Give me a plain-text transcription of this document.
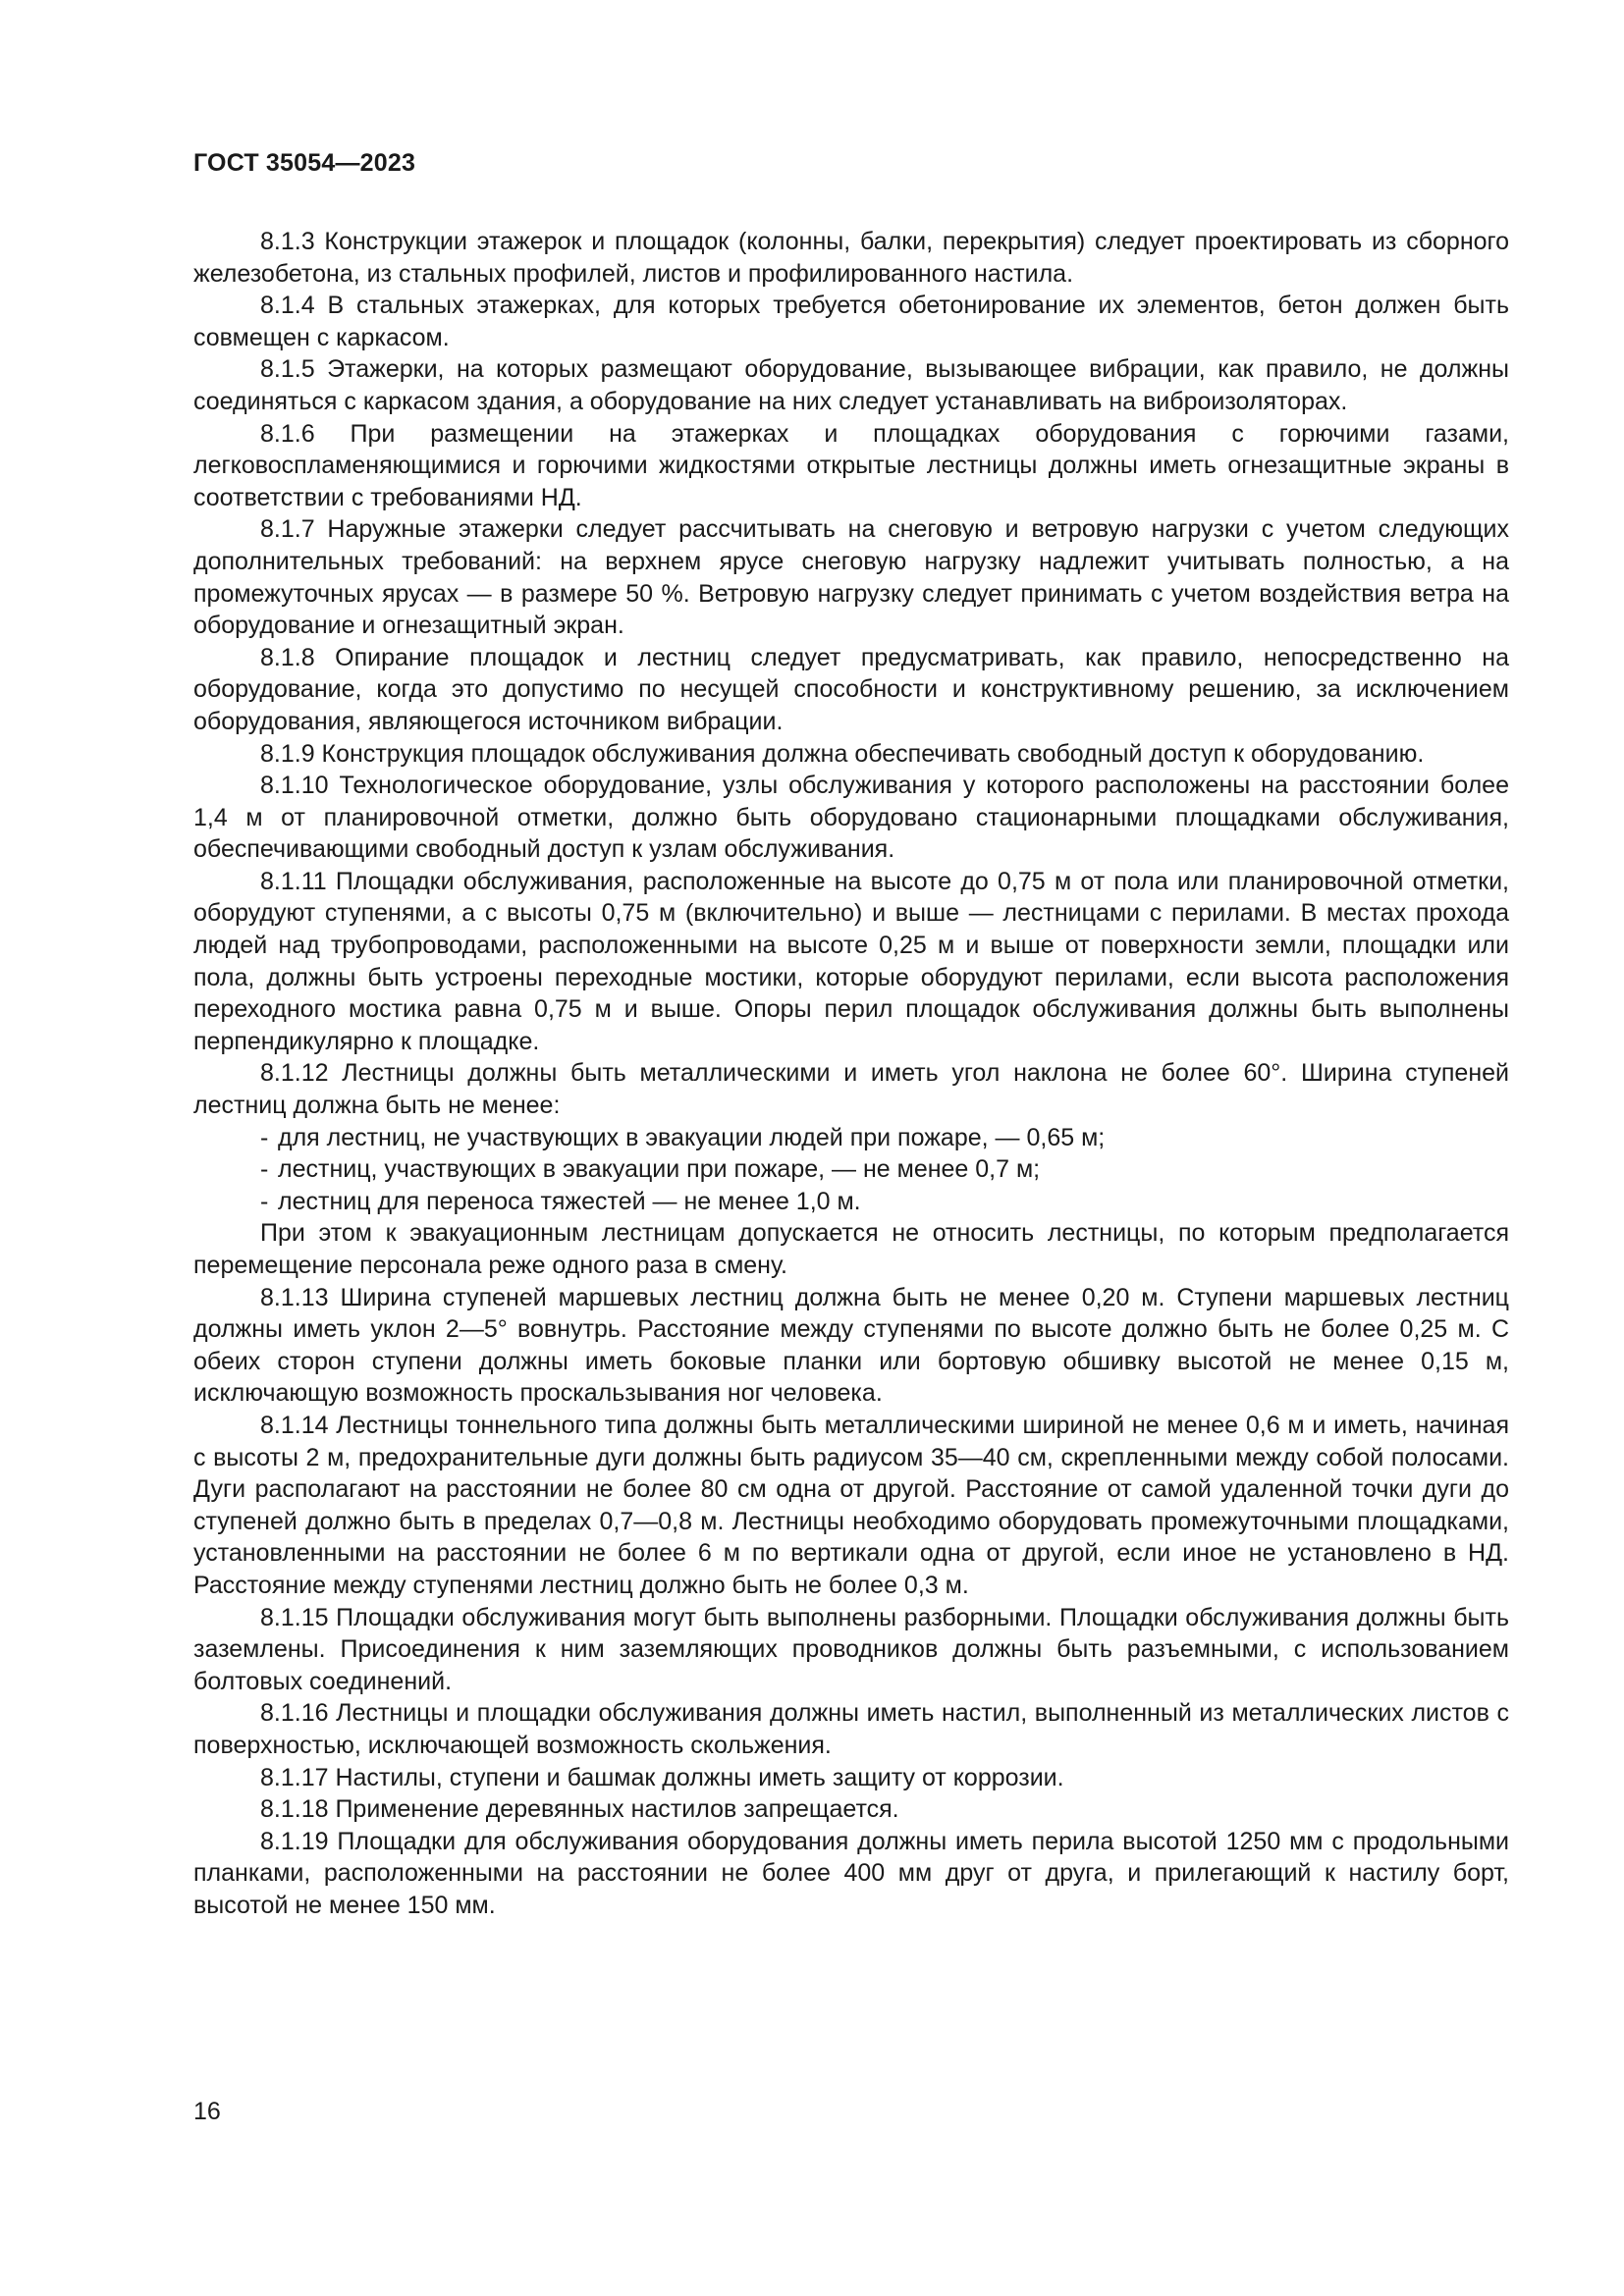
ГОСТ 35054—2023

8.1.3 Конструкции этажерок и площадок (колонны, балки, перекрытия) следует проектировать из сборного железобетона, из стальных профилей, листов и профилированного настила.

8.1.4 В стальных этажерках, для которых требуется обетонирование их элементов, бетон должен быть совмещен с каркасом.

8.1.5 Этажерки, на которых размещают оборудование, вызывающее вибрации, как правило, не должны соединяться с каркасом здания, а оборудование на них следует устанавливать на виброизоляторах.

8.1.6 При размещении на этажерках и площадках оборудования с горючими газами, легковоспламеняющимися и горючими жидкостями открытые лестницы должны иметь огнезащитные экраны в соответствии с требованиями НД.

8.1.7 Наружные этажерки следует рассчитывать на снеговую и ветровую нагрузки с учетом следующих дополнительных требований: на верхнем ярусе снеговую нагрузку надлежит учитывать полностью, а на промежуточных ярусах — в размере 50 %. Ветровую нагрузку следует принимать с учетом воздействия ветра на оборудование и огнезащитный экран.

8.1.8 Опирание площадок и лестниц следует предусматривать, как правило, непосредственно на оборудование, когда это допустимо по несущей способности и конструктивному решению, за исключением оборудования, являющегося источником вибрации.

8.1.9 Конструкция площадок обслуживания должна обеспечивать свободный доступ к оборудованию.

8.1.10 Технологическое оборудование, узлы обслуживания у которого расположены на расстоянии более 1,4 м от планировочной отметки, должно быть оборудовано стационарными площадками обслуживания, обеспечивающими свободный доступ к узлам обслуживания.

8.1.11 Площадки обслуживания, расположенные на высоте до 0,75 м от пола или планировочной отметки, оборудуют ступенями, а с высоты 0,75 м (включительно) и выше — лестницами с перилами. В местах прохода людей над трубопроводами, расположенными на высоте 0,25 м и выше от поверхности земли, площадки или пола, должны быть устроены переходные мостики, которые оборудуют перилами, если высота расположения переходного мостика равна 0,75 м и выше. Опоры перил площадок обслуживания должны быть выполнены перпендикулярно к площадке.

8.1.12 Лестницы должны быть металлическими и иметь угол наклона не более 60°. Ширина ступеней лестниц должна быть не менее:

- для лестниц, не участвующих в эвакуации людей при пожаре, — 0,65 м;
- лестниц, участвующих в эвакуации при пожаре, — не менее 0,7 м;
- лестниц для переноса тяжестей — не менее 1,0 м.

При этом к эвакуационным лестницам допускается не относить лестницы, по которым предполагается перемещение персонала реже одного раза в смену.

8.1.13 Ширина ступеней маршевых лестниц должна быть не менее 0,20 м. Ступени маршевых лестниц должны иметь уклон 2—5° вовнутрь. Расстояние между ступенями по высоте должно быть не более 0,25 м. С обеих сторон ступени должны иметь боковые планки или бортовую обшивку высотой не менее 0,15 м, исключающую возможность проскальзывания ног человека.

8.1.14 Лестницы тоннельного типа должны быть металлическими шириной не менее 0,6 м и иметь, начиная с высоты 2 м, предохранительные дуги должны быть радиусом 35—40 см, скрепленными между собой полосами. Дуги располагают на расстоянии не более 80 см одна от другой. Расстояние от самой удаленной точки дуги до ступеней должно быть в пределах 0,7—0,8 м. Лестницы необходимо оборудовать промежуточными площадками, установленными на расстоянии не более 6 м по вертикали одна от другой, если иное не установлено в НД. Расстояние между ступенями лестниц должно быть не более 0,3 м.

8.1.15 Площадки обслуживания могут быть выполнены разборными. Площадки обслуживания должны быть заземлены. Присоединения к ним заземляющих проводников должны быть разъемными, с использованием болтовых соединений.

8.1.16 Лестницы и площадки обслуживания должны иметь настил, выполненный из металлических листов с поверхностью, исключающей возможность скольжения.

8.1.17 Настилы, ступени и башмак должны иметь защиту от коррозии.

8.1.18 Применение деревянных настилов запрещается.

8.1.19 Площадки для обслуживания оборудования должны иметь перила высотой 1250 мм с продольными планками, расположенными на расстоянии не более 400 мм друг от друга, и прилегающий к настилу борт, высотой не менее 150 мм.

16
